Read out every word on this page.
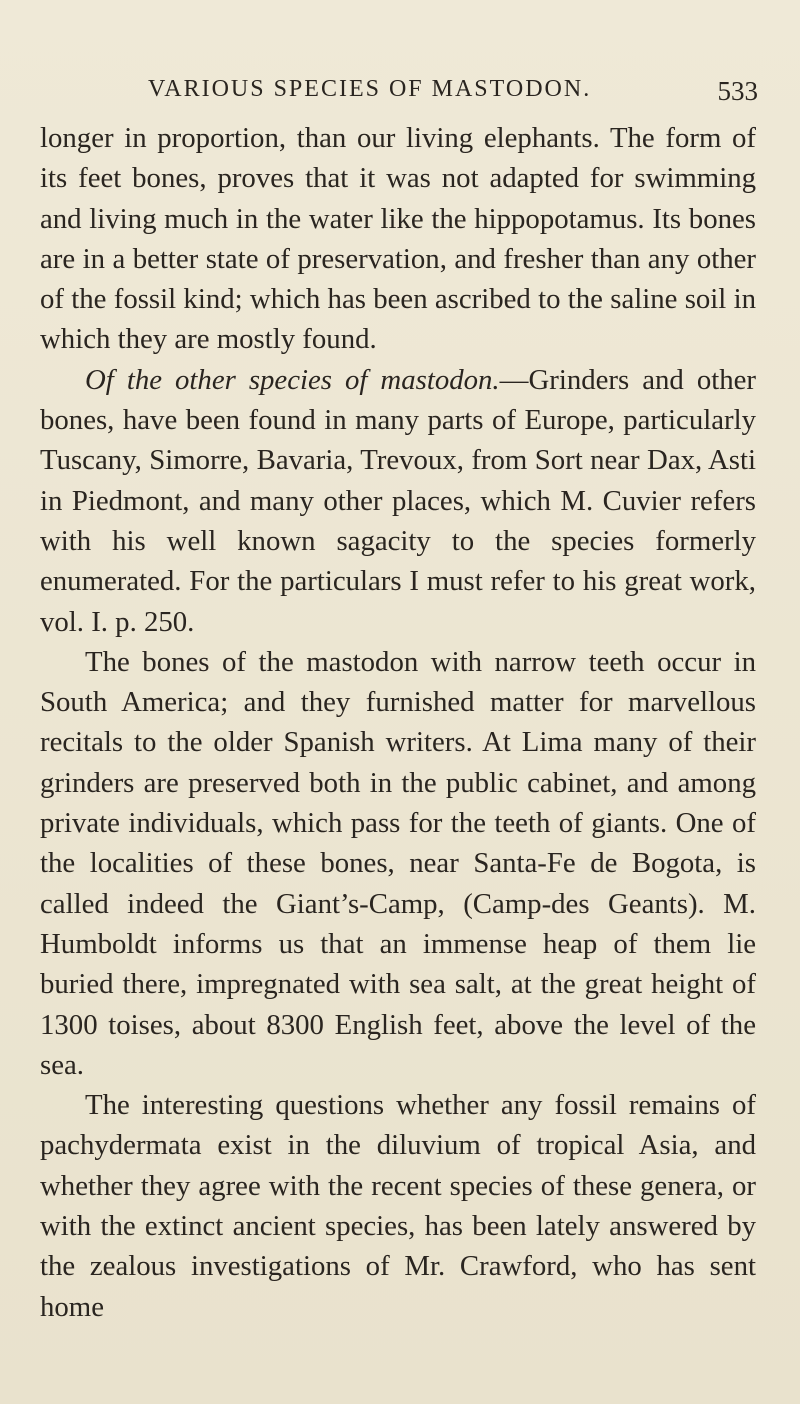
VARIOUS SPECIES OF MASTODON.	533

longer in proportion, than our living elephants. The form of its feet bones, proves that it was not adapted for swimming and living much in the water like the hippopotamus. Its bones are in a better state of preservation, and fresher than any other of the fossil kind; which has been ascribed to the saline soil in which they are mostly found.

Of the other species of mastodon.—Grinders and other bones, have been found in many parts of Europe, particularly Tuscany, Simorre, Bavaria, Trevoux, from Sort near Dax, Asti in Piedmont, and many other places, which M. Cuvier refers with his well known sagacity to the species formerly enumerated. For the particulars I must refer to his great work, vol. I. p. 250.

The bones of the mastodon with narrow teeth occur in South America; and they furnished matter for marvellous recitals to the older Spanish writers. At Lima many of their grinders are preserved both in the public cabinet, and among private individuals, which pass for the teeth of giants. One of the localities of these bones, near Santa-Fe de Bogota, is called indeed the Giant’s-Camp, (Camp-des Geants). M. Humboldt informs us that an immense heap of them lie buried there, impregnated with sea salt, at the great height of 1300 toises, about 8300 English feet, above the level of the sea.

The interesting questions whether any fossil remains of pachydermata exist in the diluvium of tropical Asia, and whether they agree with the recent species of these genera, or with the extinct ancient species, has been lately answered by the zealous investigations of Mr. Crawford, who has sent home
